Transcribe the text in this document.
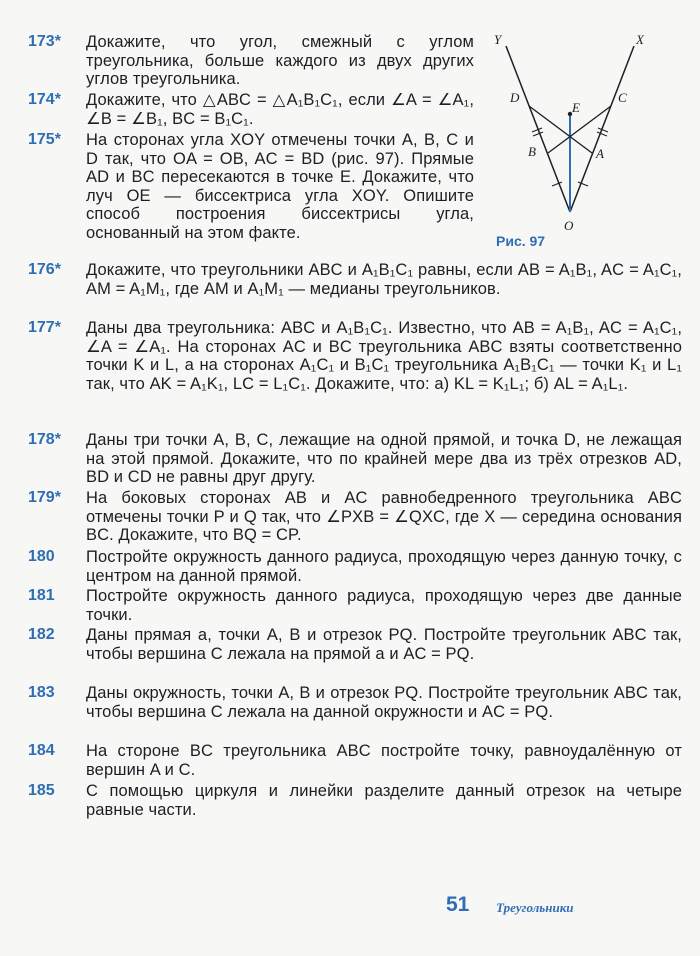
173* Докажите, что угол, смежный с углом треугольника, больше каждого из двух других углов треугольника.
174* Докажите, что △ABC = △A₁B₁C₁, если ∠A = ∠A₁, ∠B = ∠B₁, BC = B₁C₁.
175* На сторонах угла XOY отмечены точки A, B, C и D так, что OA = OB, AC = BD (рис. 97). Прямые AD и BC пересекаются в точке E. Докажите, что луч OE — биссектриса угла XOY. Опишите способ построения биссектрисы угла, основанный на этом факте.
176* Докажите, что треугольники ABC и A₁B₁C₁ равны, если AB = A₁B₁, AC = A₁C₁, AM = A₁M₁, где AM и A₁M₁ — медианы треугольников.
177* Даны два треугольника: ABC и A₁B₁C₁. Известно, что AB = A₁B₁, AC = A₁C₁, ∠A = ∠A₁. На сторонах AC и BC треугольника ABC взяты соответственно точки K и L, а на сторонах A₁C₁ и B₁C₁ треугольника A₁B₁C₁ — точки K₁ и L₁ так, что AK = A₁K₁, LC = L₁C₁. Докажите, что: а) KL = K₁L₁; б) AL = A₁L₁.
178* Даны три точки A, B, C, лежащие на одной прямой, и точка D, не лежащая на этой прямой. Докажите, что по крайней мере два из трёх отрезков AD, BD и CD не равны друг другу.
179* На боковых сторонах AB и AC равнобедренного треугольника ABC отмечены точки P и Q так, что ∠PXB = ∠QXC, где X — середина основания BC. Докажите, что BQ = CP.
180 Постройте окружность данного радиуса, проходящую через данную точку, с центром на данной прямой.
181 Постройте окружность данного радиуса, проходящую через две данные точки.
182 Даны прямая a, точки A, B и отрезок PQ. Постройте треугольник ABC так, чтобы вершина C лежала на прямой a и AC = PQ.
183 Даны окружность, точки A, B и отрезок PQ. Постройте треугольник ABC так, чтобы вершина C лежала на данной окружности и AC = PQ.
184 На стороне BC треугольника ABC постройте точку, равноудалённую от вершин A и C.
185 С помощью циркуля и линейки разделите данный отрезок на четыре равные части.
Y	X
D	C
E
B	A
O
Рис. 97
51 Треугольники
